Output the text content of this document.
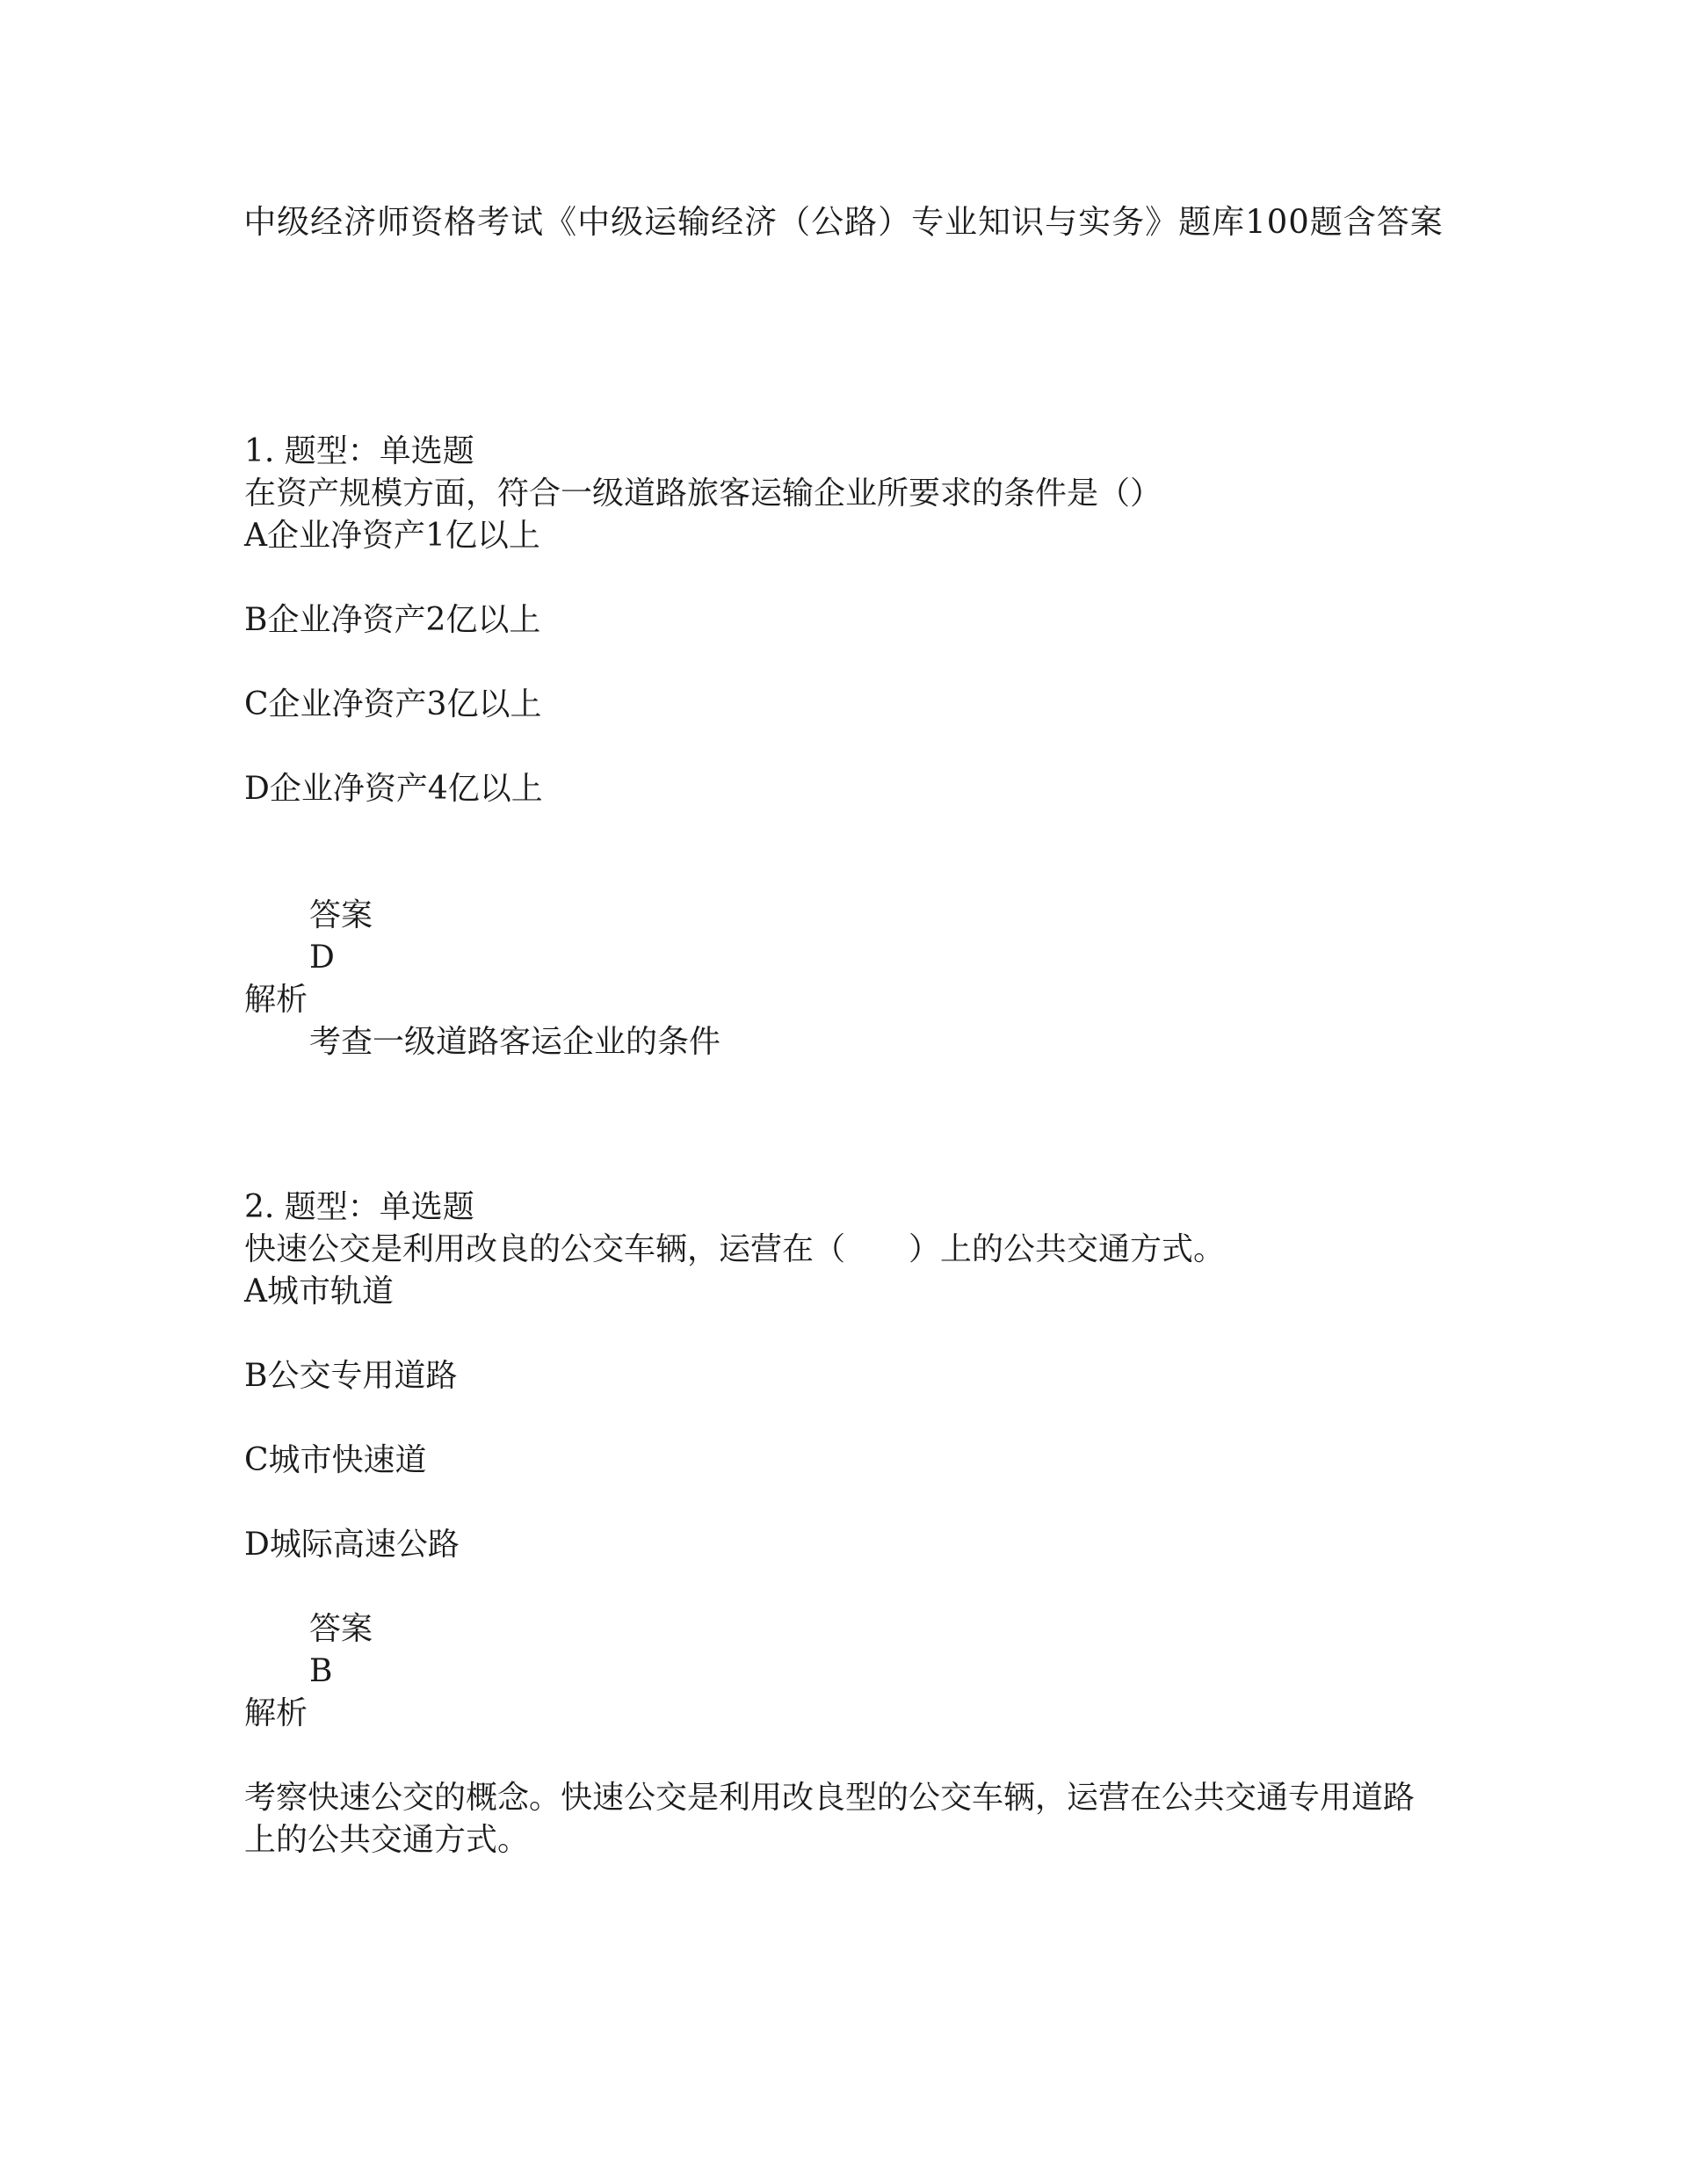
中级经济师资格考试《中级运输经济（公路）专业知识与实务》题库100题含答案
1. 题型：单选题
在资产规模方面，符合一级道路旅客运输企业所要求的条件是（）
A企业净资产1亿以上
B企业净资产2亿以上
C企业净资产3亿以上
D企业净资产4亿以上
答案
D
解析
考查一级道路客运企业的条件
2. 题型：单选题
快速公交是利用改良的公交车辆，运营在（　　）上的公共交通方式。
A城市轨道
B公交专用道路
C城市快速道
D城际高速公路
答案
B
解析
考察快速公交的概念。快速公交是利用改良型的公交车辆，运营在公共交通专用道路上的公共交通方式。
